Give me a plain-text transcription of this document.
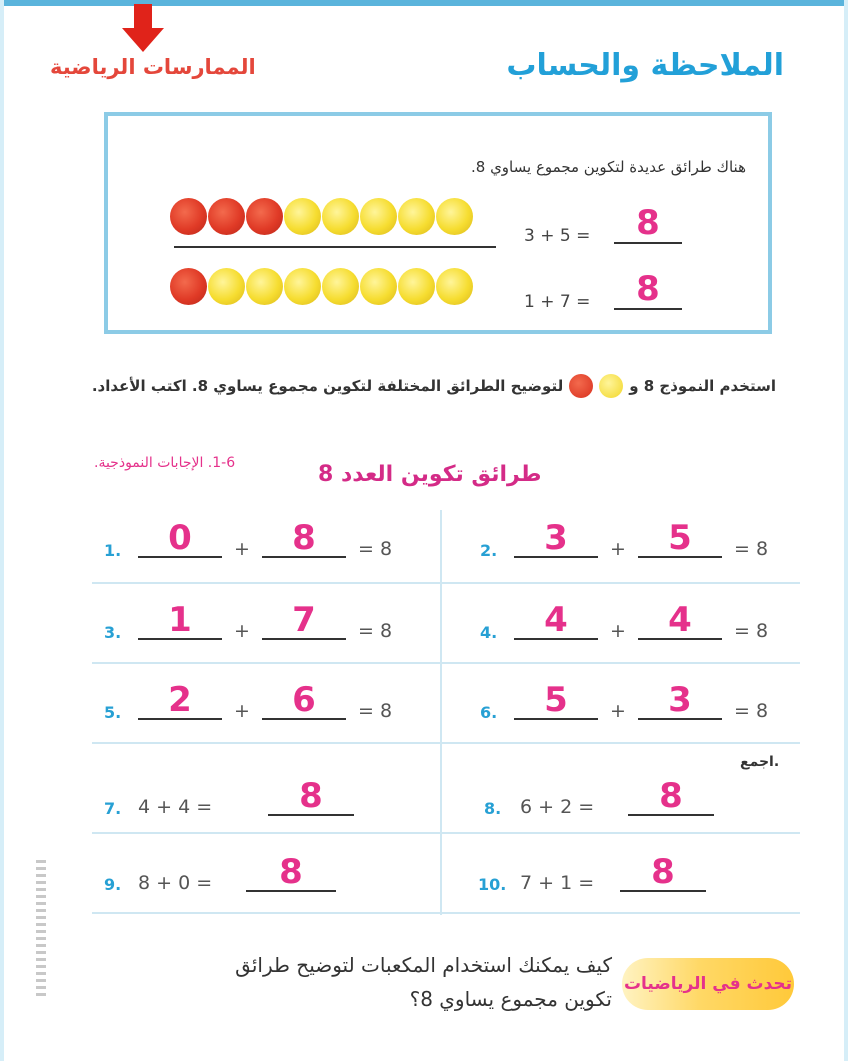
الممارسات الرياضية	الملاحظة والحساب
هناك طرائق عديدة لتكوين مجموع يساوي 8.
3 + 5 =	8
1 + 7 =	8
استخدم النموذج 8 و
لتوضيح الطرائق المختلفة لتكوين مجموع يساوي 8. اكتب الأعداد.
1-6. الإجابات النموذجية.	طرائق تكوين العدد 8
1.	0	+	8	= 8	2.	3	+	5	= 8
3.	1	+	7	= 8	4.	4	+	4	= 8
5.	2	+	6	= 8	6.	5	+	3	= 8
اجمع.
7. 4 + 4 =	8	8. 6 + 2 =	8
9. 8 + 0 =	8	10. 7 + 1 =	8
تحدث في الرياضيات
كيف يمكنك استخدام المكعبات لتوضيح طرائق تكوين مجموع يساوي 8؟
